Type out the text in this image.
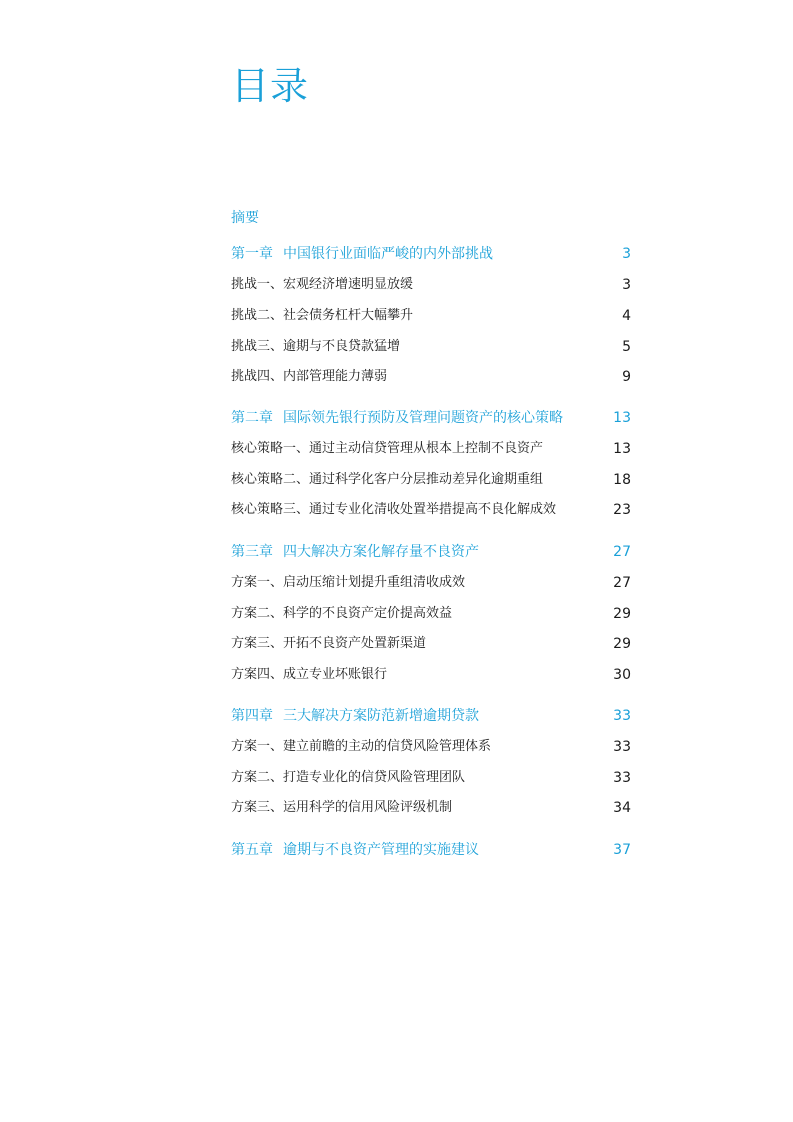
目录
摘要
第一章 中国银行业面临严峻的内外部挑战	3
挑战一、宏观经济增速明显放缓	3
挑战二、社会债务杠杆大幅攀升	4
挑战三、逾期与不良贷款猛增	5
挑战四、内部管理能力薄弱	9
第二章 国际领先银行预防及管理问题资产的核心策略	13
核心策略一、通过主动信贷管理从根本上控制不良资产	13
核心策略二、通过科学化客户分层推动差异化逾期重组	18
核心策略三、通过专业化清收处置举措提高不良化解成效	23
第三章 四大解决方案化解存量不良资产	27
方案一、启动压缩计划提升重组清收成效	27
方案二、科学的不良资产定价提高效益	29
方案三、开拓不良资产处置新渠道	29
方案四、成立专业坏账银行	30
第四章 三大解决方案防范新增逾期贷款	33
方案一、建立前瞻的主动的信贷风险管理体系	33
方案二、打造专业化的信贷风险管理团队	33
方案三、运用科学的信用风险评级机制	34
第五章 逾期与不良资产管理的实施建议	37
